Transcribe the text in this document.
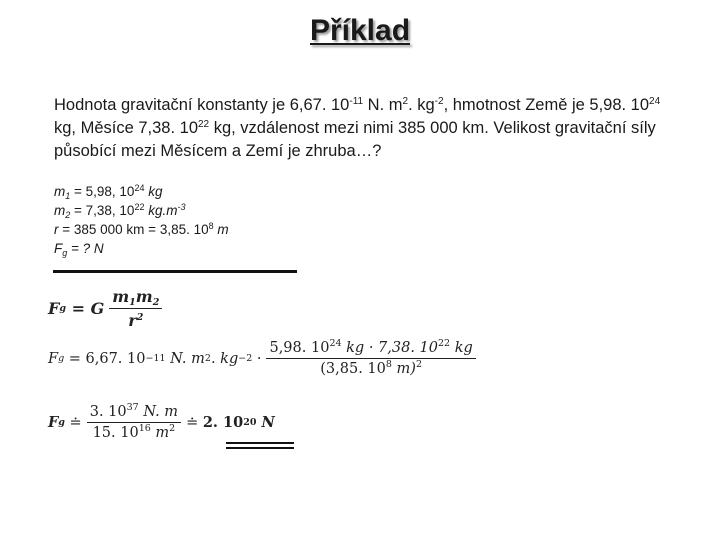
Příklad
Hodnota gravitační konstanty je 6,67. $10^{-11}$ N. $m^2$. $kg^{-2}$, hmotnost Země je 5,98. $10^{24}$ kg, Měsíce 7,38. $10^{22}$ kg, vzdálenost mezi nimi 385 000 km. Velikost gravitační síly působící mezi Měsícem a Zemí je zhruba…?
$m_1 = 5,98$, $10^{24}$ kg
$m_2 = 7,38$, $10^{22}$ $kg.m^{-3}$
r = 385 000 km = 3,85. $10^8$ m
$F_g$ = ? N
F g = G $\frac{m_1m_2}{r^2}$
F g = 6,67. 10 −11 N. m 2 . kg $-2 \cdot \frac{5,98. 10^{24} kg \cdot 7,38. 10^{22} kg}{(3,85. 10^8 m)^2}$
F g ≐ $\frac{3. 10^{37} N. m}{15. 10^{16} m^2}$ ≐ 2. 10 20 N
